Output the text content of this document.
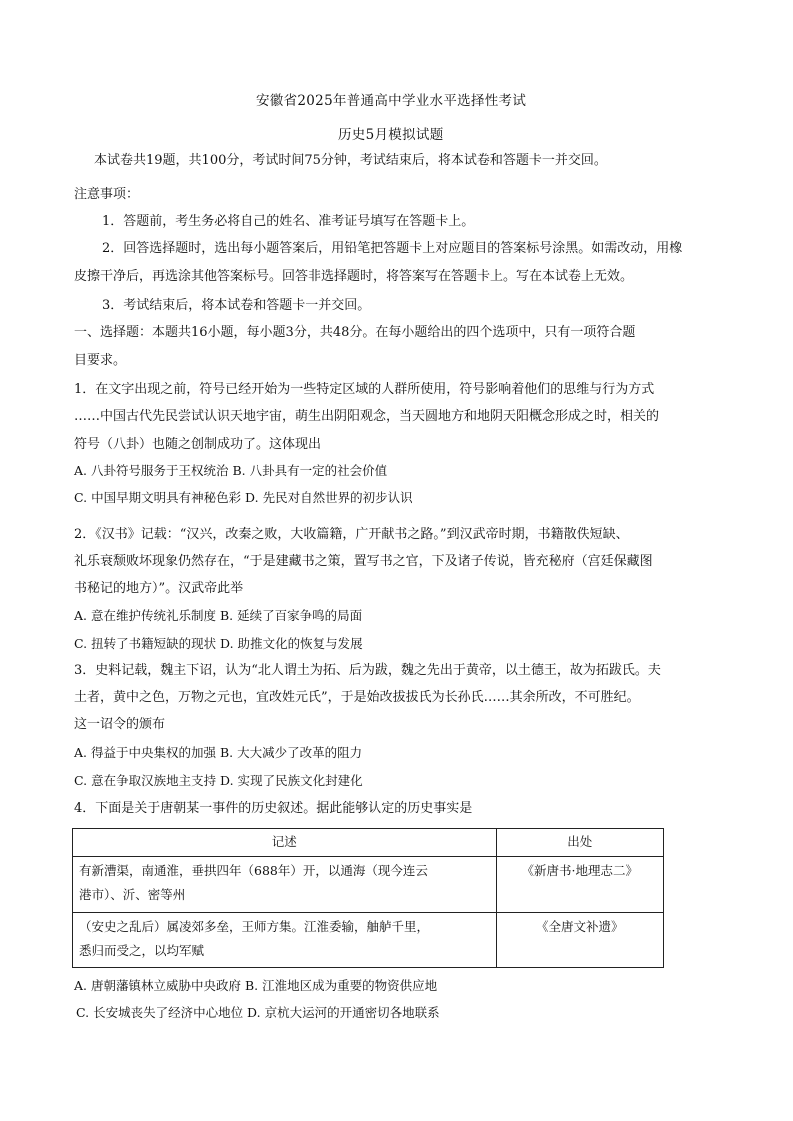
安徽省2025年普通高中学业水平选择性考试
历史5月模拟试题
本试卷共19题，共100分，考试时间75分钟，考试结束后，将本试卷和答题卡一并交回。
注意事项：
1．答题前，考生务必将自己的姓名、准考证号填写在答题卡上。
2．回答选择题时，选出每小题答案后，用铅笔把答题卡上对应题目的答案标号涂黑。如需改动，用橡
皮擦干净后，再选涂其他答案标号。回答非选择题时，将答案写在答题卡上。写在本试卷上无效。
3．考试结束后，将本试卷和答题卡一并交回。
一、选择题：本题共16小题，每小题3分，共48分。在每小题给出的四个选项中，只有一项符合题
目要求。
1．在文字出现之前，符号已经开始为一些特定区域的人群所使用，符号影响着他们的思维与行为方式
……中国古代先民尝试认识天地宇宙，萌生出阴阳观念，当天圆地方和地阴天阳概念形成之时，相关的
符号（八卦）也随之创制成功了。这体现出
A. 八卦符号服务于王权统治 B. 八卦具有一定的社会价值
C. 中国早期文明具有神秘色彩 D. 先民对自然世界的初步认识
2．《汉书》记载：“汉兴，改秦之败，大收篇籍，广开献书之路。”到汉武帝时期，书籍散佚短缺、
礼乐衰颓败坏现象仍然存在，“于是建藏书之策，置写书之官，下及诸子传说，皆充秘府（宫廷保藏图
书秘记的地方）”。汉武帝此举
A. 意在维护传统礼乐制度 B. 延续了百家争鸣的局面
C. 扭转了书籍短缺的现状 D. 助推文化的恢复与发展
3．史料记载，魏主下诏，认为“北人谓土为拓、后为跋，魏之先出于黄帝，以土德王，故为拓跋氏。夫
土者，黄中之色，万物之元也，宜改姓元氏”，于是始改拔拔氏为长孙氏……其余所改，不可胜纪。
这一诏令的颁布
A. 得益于中央集权的加强 B. 大大减少了改革的阻力
C. 意在争取汉族地主支持 D. 实现了民族文化封建化
4．下面是关于唐朝某一事件的历史叙述。据此能够认定的历史事实是
记述	出处

有新漕渠，南通淮，垂拱四年（688年）开，以通海（现今连云
港市）、沂、密等州	《新唐书·地理志二》

（安史之乱后）属凌郊多垒，王师方集。江淮委输，舳舻千里，
悉归而受之，以均军赋	《全唐文补遗》
A. 唐朝藩镇林立威胁中央政府 B. 江淮地区成为重要的物资供应地
C. 长安城丧失了经济中心地位 D. 京杭大运河的开通密切各地联系
